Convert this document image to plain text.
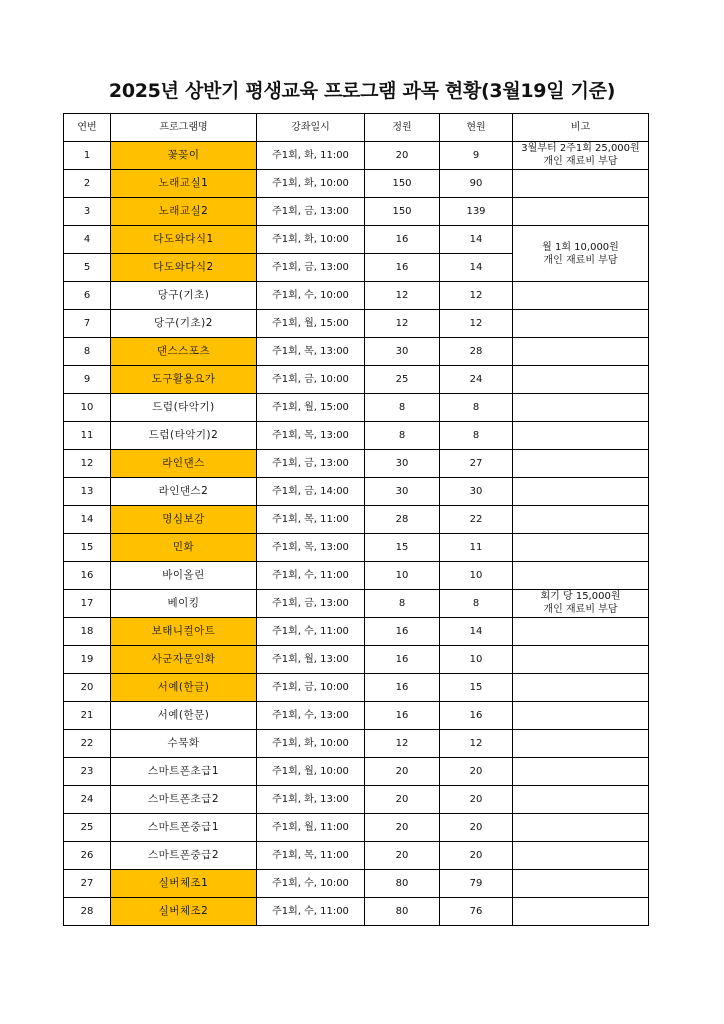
2025년 상반기 평생교육 프로그램 과목 현황(3월19일 기준)
연번	프로그램명	강좌일시	정원	현원	비고
1	꽃꽂이	주1회, 화, 11:00	20	9	3월부터 2주1회 25,000원
개인 재료비 부담

2	노래교실1	주1회, 화, 10:00	150	90	
3	노래교실2	주1회, 금, 13:00	150	139	
4	다도와다식1	주1회, 화, 10:00	16	14	월 1회 10,000원
개인 재료비 부담

5	다도와다식2	주1회, 금, 13:00	16	14	
6	당구(기초)	주1회, 수, 10:00	12	12	
7	당구(기초)2	주1회, 월, 15:00	12	12	
8	댄스스포츠	주1회, 목, 13:00	30	28	
9	도구활용요가	주1회, 금, 10:00	25	24	
10	드럼(타악기)	주1회, 월, 15:00	8	8	
11	드럼(타악기)2	주1회, 목, 13:00	8	8	
12	라인댄스	주1회, 금, 13:00	30	27	
13	라인댄스2	주1회, 금, 14:00	30	30	
14	명심보감	주1회, 목, 11:00	28	22	
15	민화	주1회, 목, 13:00	15	11	
16	바이올린	주1회, 수, 11:00	10	10	
17	베이킹	주1회, 금, 13:00	8	8	회기 당 15,000원
개인 재료비 부담

18	보태니컬아트	주1회, 수, 11:00	16	14	
19	사군자문인화	주1회, 월, 13:00	16	10	
20	서예(한글)	주1회, 금, 10:00	16	15	
21	서예(한문)	주1회, 수, 13:00	16	16	
22	수묵화	주1회, 화, 10:00	12	12	
23	스마트폰초급1	주1회, 월, 10:00	20	20	
24	스마트폰초급2	주1회, 화, 13:00	20	20	
25	스마트폰중급1	주1회, 월, 11:00	20	20	
26	스마트폰중급2	주1회, 목, 11:00	20	20	
27	실버체조1	주1회, 수, 10:00	80	79	
28	실버체조2	주1회, 수, 11:00	80	76	
